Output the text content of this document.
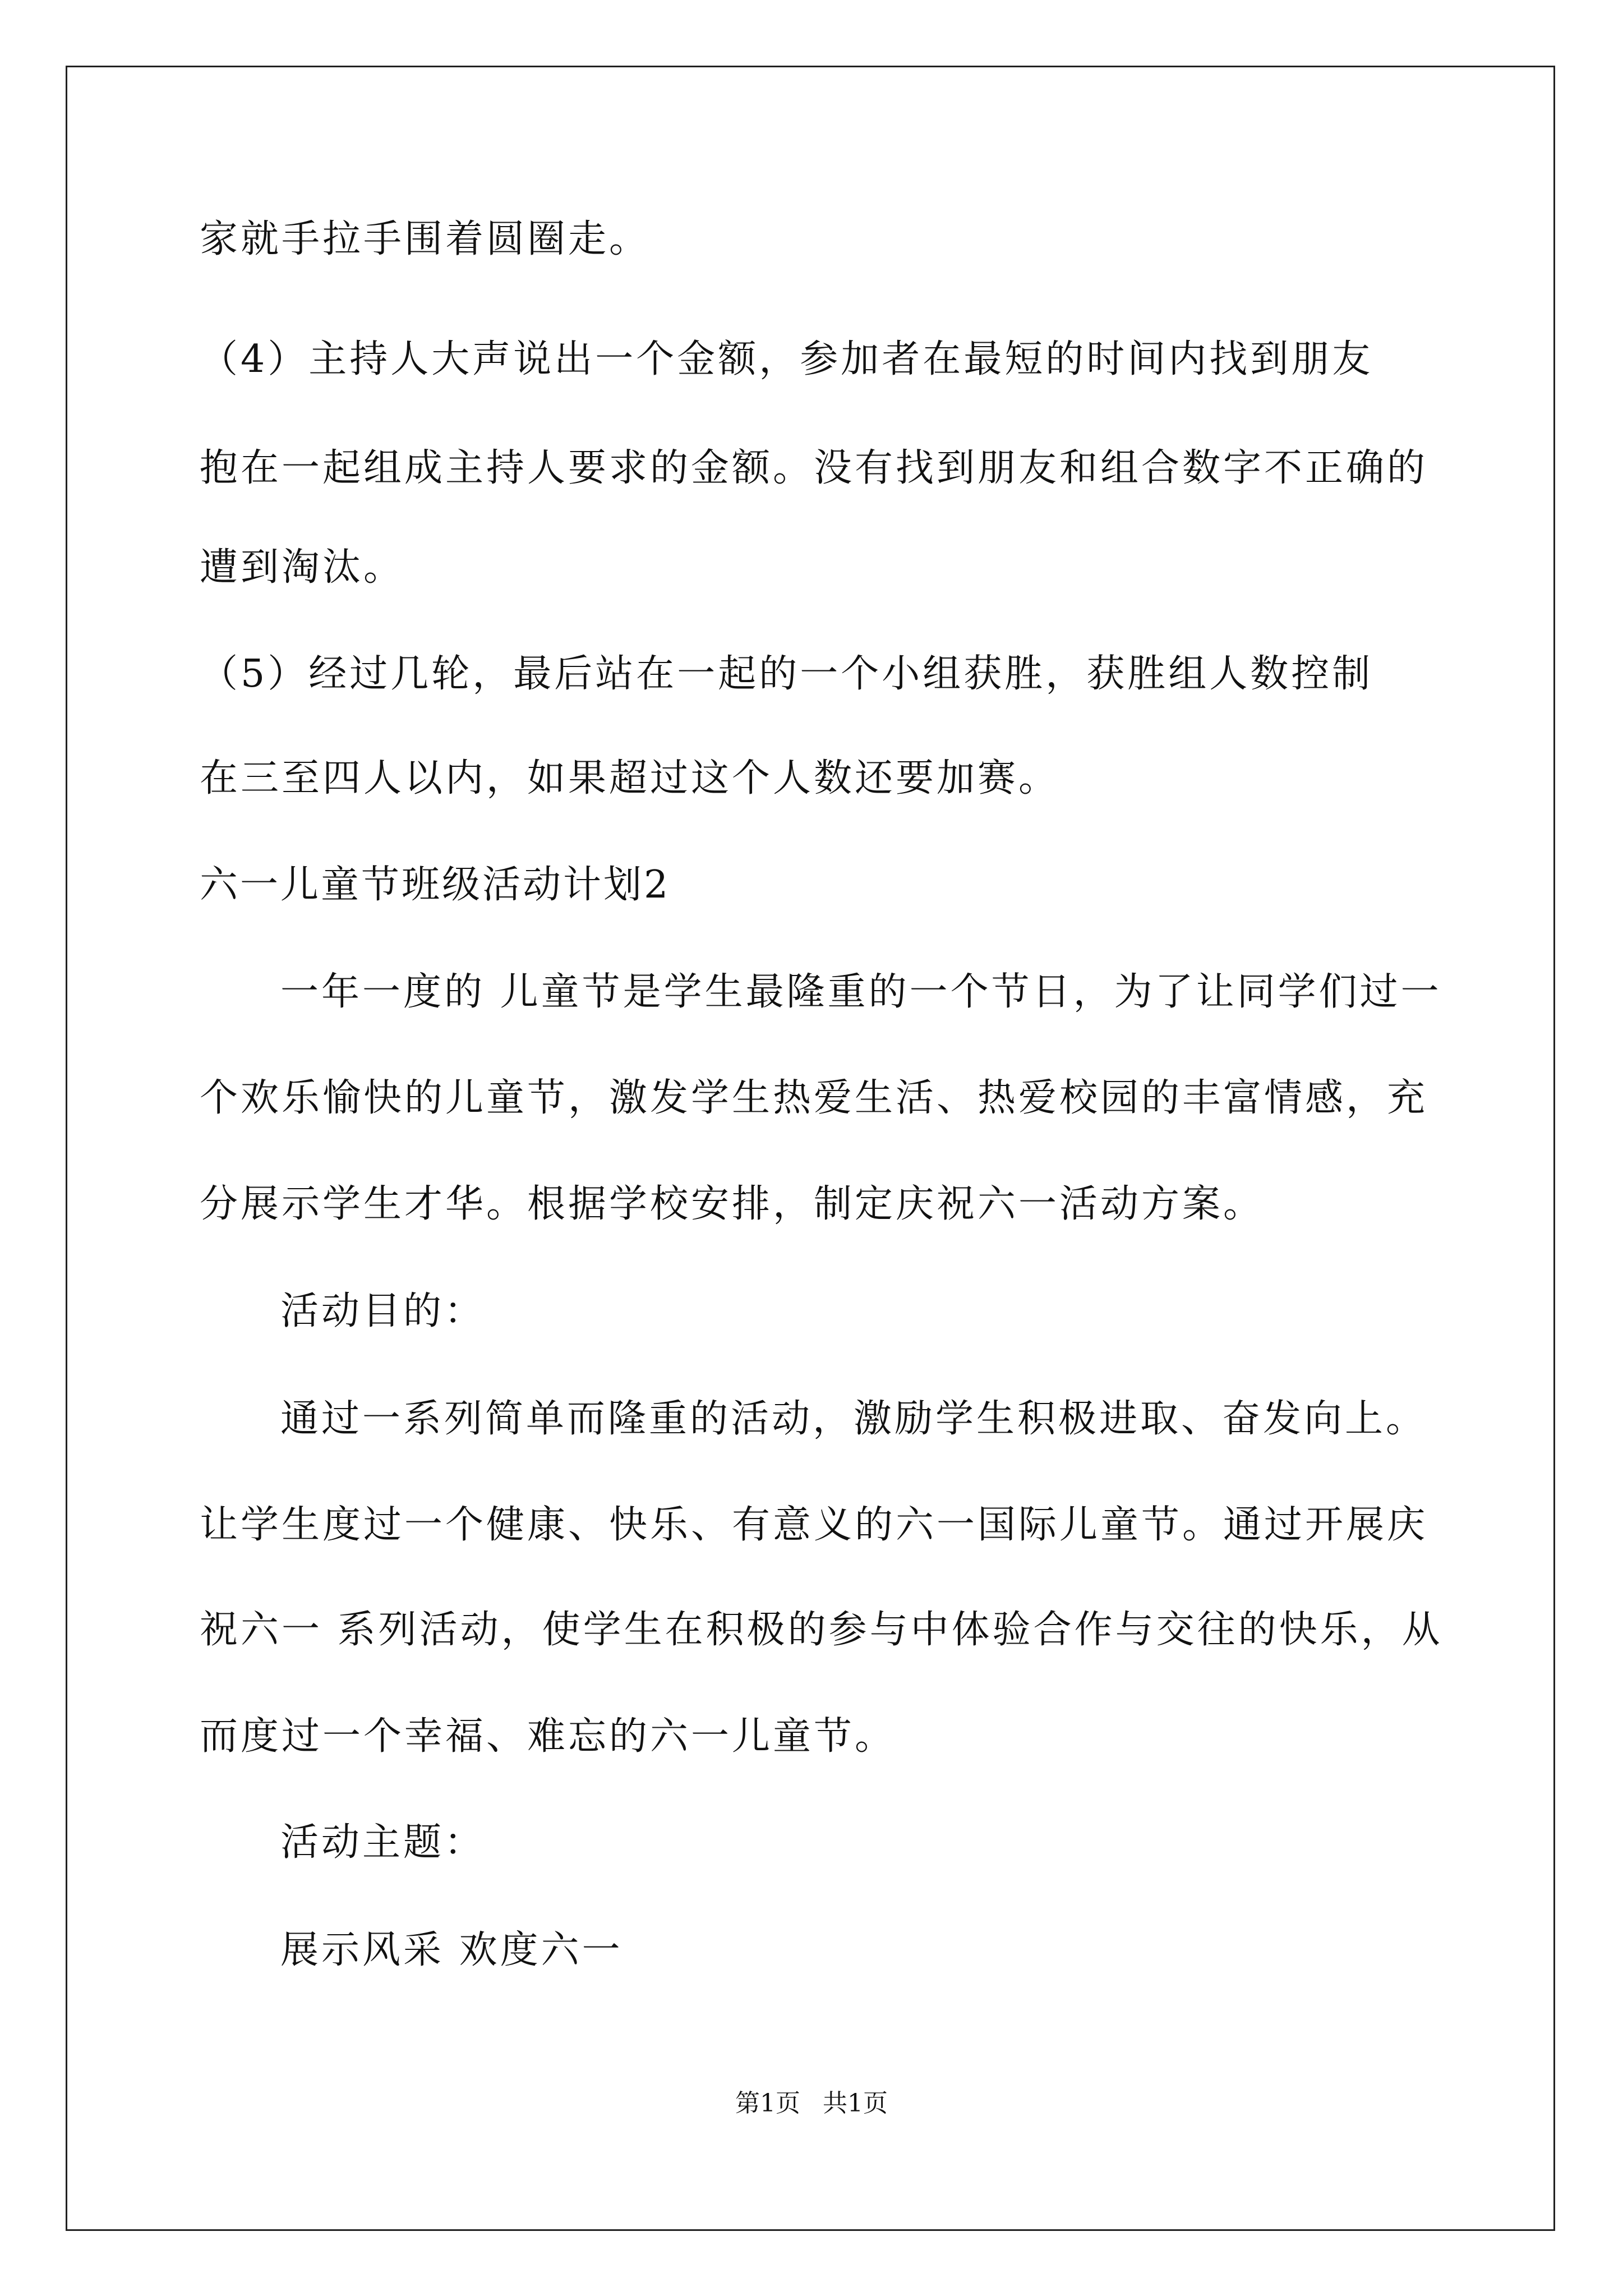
家就手拉手围着圆圈走。
（4）主持人大声说出一个金额，参加者在最短的时间内找到朋友
抱在一起组成主持人要求的金额。没有找到朋友和组合数字不正确的
遭到淘汰。
（5）经过几轮，最后站在一起的一个小组获胜，获胜组人数控制
在三至四人以内，如果超过这个人数还要加赛。
六一儿童节班级活动计划2
一年一度的 儿童节是学生最隆重的一个节日，为了让同学们过一
个欢乐愉快的儿童节，激发学生热爱生活、热爱校园的丰富情感，充
分展示学生才华。根据学校安排，制定庆祝六一活动方案。
活动目的：
通过一系列简单而隆重的活动，激励学生积极进取、奋发向上。
让学生度过一个健康、快乐、有意义的六一国际儿童节。通过开展庆
祝六一 系列活动，使学生在积极的参与中体验合作与交往的快乐，从
而度过一个幸福、难忘的六一儿童节。
活动主题：
展示风采 欢度六一
第1页 共1页
